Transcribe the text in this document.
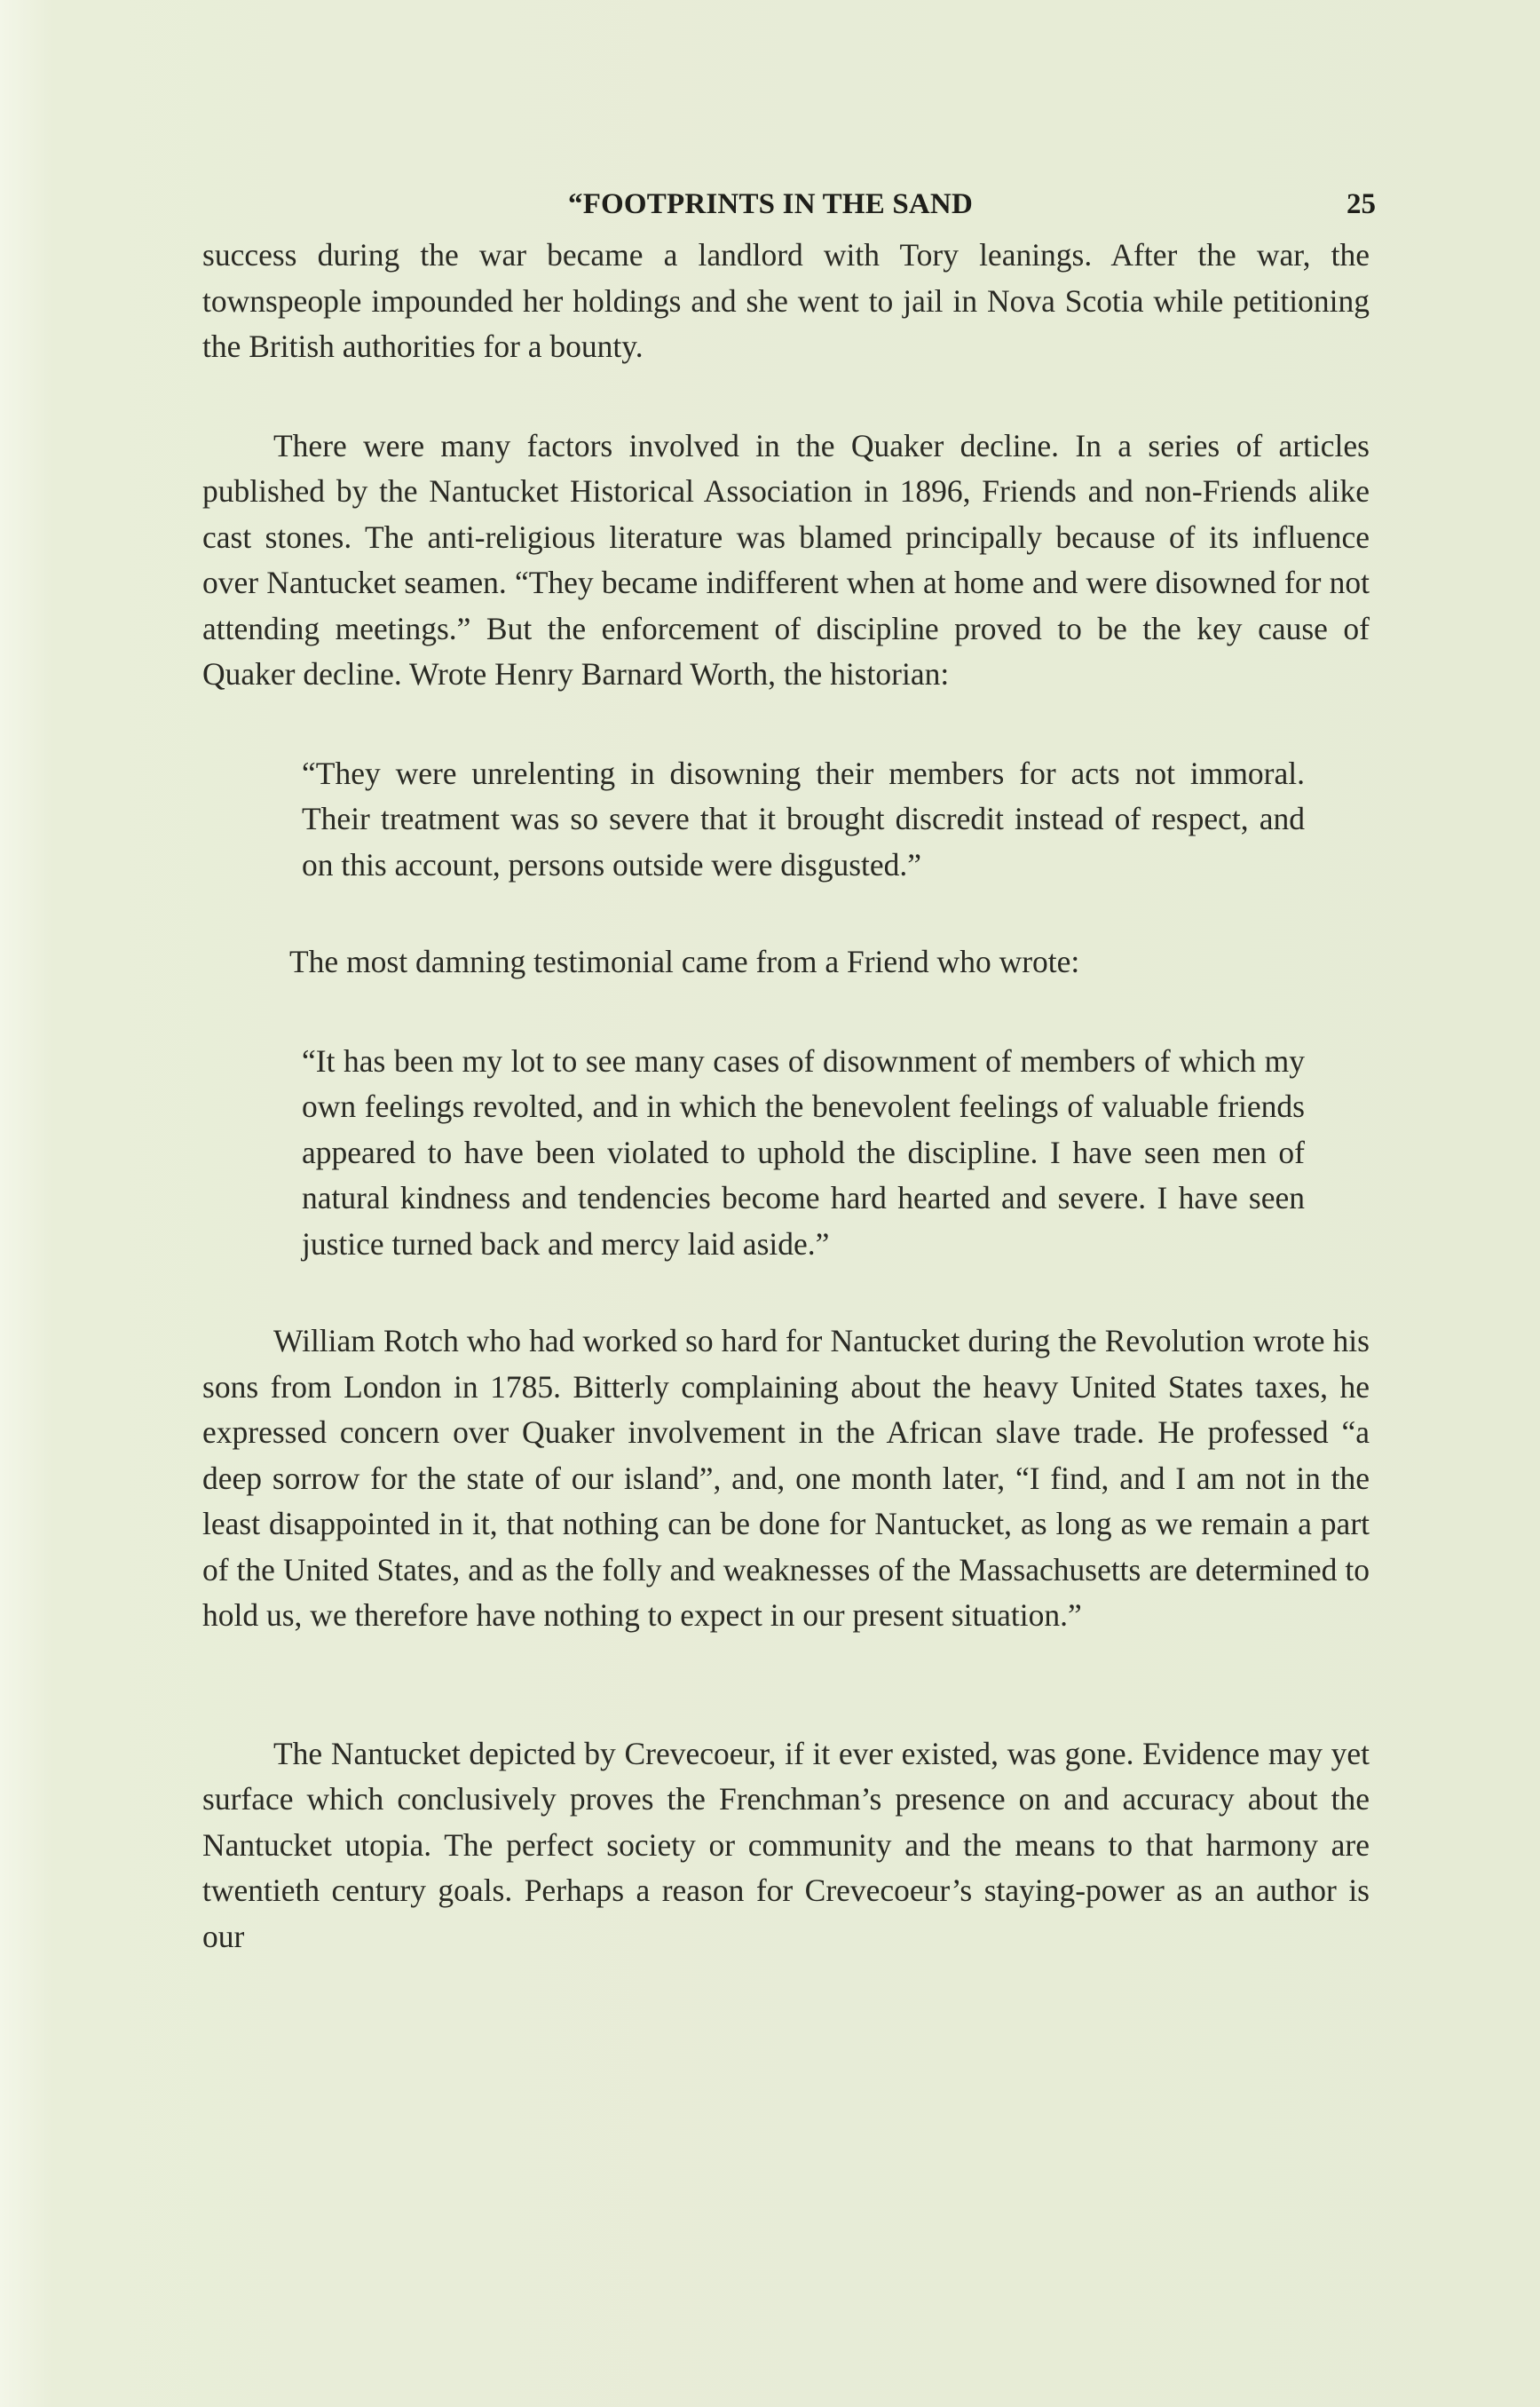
“FOOTPRINTS IN THE SAND	25

success during the war became a landlord with Tory leanings. After the war, the townspeople impounded her holdings and she went to jail in Nova Scotia while petitioning the British authorities for a bounty.

There were many factors involved in the Quaker decline. In a series of articles published by the Nantucket Historical Association in 1896, Friends and non-Friends alike cast stones. The anti-religious literature was blamed principally because of its influence over Nantucket seamen. “They became indifferent when at home and were disowned for not attending meetings.” But the enforcement of discipline proved to be the key cause of Quaker decline. Wrote Henry Barnard Worth, the historian:

“They were unrelenting in disowning their members for acts not immoral. Their treatment was so severe that it brought discredit instead of respect, and on this account, persons outside were disgusted.”

The most damning testimonial came from a Friend who wrote:

“It has been my lot to see many cases of disownment of members of which my own feelings revolted, and in which the benevolent feelings of valuable friends appeared to have been violated to uphold the discipline. I have seen men of natural kindness and tendencies become hard hearted and severe. I have seen justice turned back and mercy laid aside.”

William Rotch who had worked so hard for Nantucket during the Revolution wrote his sons from London in 1785. Bitterly complaining about the heavy United States taxes, he expressed concern over Quaker involvement in the African slave trade. He professed “a deep sorrow for the state of our island”, and, one month later, “I find, and I am not in the least disappointed in it, that nothing can be done for Nantucket, as long as we remain a part of the United States, and as the folly and weaknesses of the Massachusetts are determined to hold us, we therefore have nothing to expect in our present situation.”

The Nantucket depicted by Crevecoeur, if it ever existed, was gone. Evidence may yet surface which conclusively proves the Frenchman’s presence on and accuracy about the Nantucket utopia. The perfect society or community and the means to that harmony are twentieth century goals. Perhaps a reason for Crevecoeur’s staying-power as an author is our
